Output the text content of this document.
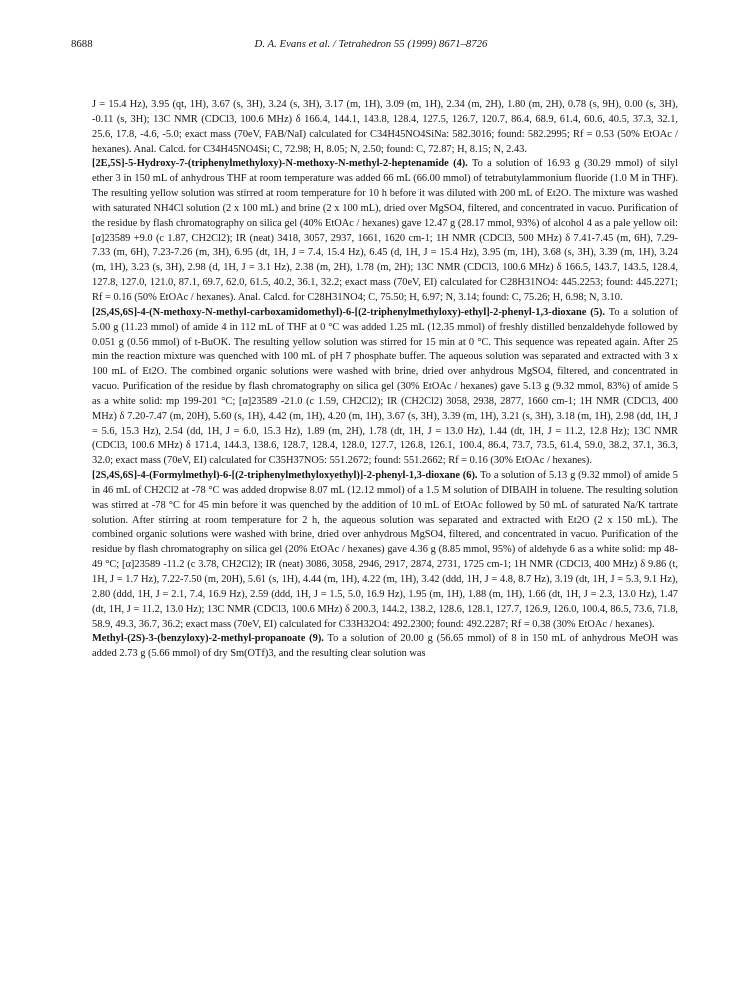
8688	D. A. Evans et al. / Tetrahedron 55 (1999) 8671–8726

J = 15.4 Hz), 3.95 (qt, 1H), 3.67 (s, 3H), 3.24 (s, 3H), 3.17 (m, 1H), 3.09 (m, 1H), 2.34 (m, 2H), 1.80 (m, 2H), 0.78 (s, 9H), 0.00 (s, 3H), -0.11 (s, 3H); 13C NMR (CDCl3, 100.6 MHz) δ 166.4, 144.1, 143.8, 128.4, 127.5, 126.7, 120.7, 86.4, 68.9, 61.4, 60.6, 40.5, 37.3, 32.1, 25.6, 17.8, -4.6, -5.0; exact mass (70eV, FAB/NaI) calculated for C34H45NO4SiNa: 582.3016; found: 582.2995; Rf = 0.53 (50% EtOAc / hexanes). Anal. Calcd. for C34H45NO4Si; C, 72.98; H, 8.05; N, 2.50; found: C, 72.87; H, 8.15; N, 2.43.

[2E,5S]-5-Hydroxy-7-(triphenylmethyloxy)-N-methoxy-N-methyl-2-heptenamide (4). To a solution of 16.93 g (30.29 mmol) of silyl ether 3 in 150 mL of anhydrous THF at room temperature was added 66 mL (66.00 mmol) of tetrabutylammonium fluoride (1.0 M in THF). The resulting yellow solution was stirred at room temperature for 10 h before it was diluted with 200 mL of Et2O. The mixture was washed with saturated NH4Cl solution (2 x 100 mL) and brine (2 x 100 mL), dried over MgSO4, filtered, and concentrated in vacuo. Purification of the residue by flash chromatography on silica gel (40% EtOAc / hexanes) gave 12.47 g (28.17 mmol, 93%) of alcohol 4 as a pale yellow oil: [α]23589 +9.0 (c 1.87, CH2Cl2); IR (neat) 3418, 3057, 2937, 1661, 1620 cm-1; 1H NMR (CDCl3, 500 MHz) δ 7.41-7.45 (m, 6H), 7.29-7.33 (m, 6H), 7.23-7.26 (m, 3H), 6.95 (dt, 1H, J = 7.4, 15.4 Hz), 6.45 (d, 1H, J = 15.4 Hz), 3.95 (m, 1H), 3.68 (s, 3H), 3.39 (m, 1H), 3.24 (m, 1H), 3.23 (s, 3H), 2.98 (d, 1H, J = 3.1 Hz), 2.38 (m, 2H), 1.78 (m, 2H); 13C NMR (CDCl3, 100.6 MHz) δ 166.5, 143.7, 143.5, 128.4, 127.8, 127.0, 121.0, 87.1, 69.7, 62.0, 61.5, 40.2, 36.1, 32.2; exact mass (70eV, EI) calculated for C28H31NO4: 445.2253; found: 445.2271; Rf = 0.16 (50% EtOAc / hexanes). Anal. Calcd. for C28H31NO4; C, 75.50; H, 6.97; N, 3.14; found: C, 75.26; H, 6.98; N, 3.10.

[2S,4S,6S]-4-(N-methoxy-N-methyl-carboxamidomethyl)-6-[(2-triphenylmethyloxy)-ethyl]-2-phenyl-1,3-dioxane (5). To a solution of 5.00 g (11.23 mmol) of amide 4 in 112 mL of THF at 0 °C was added 1.25 mL (12.35 mmol) of freshly distilled benzaldehyde followed by 0.051 g (0.56 mmol) of t-BuOK. The resulting yellow solution was stirred for 15 min at 0 °C. This sequence was repeated again. After 25 min the reaction mixture was quenched with 100 mL of pH 7 phosphate buffer. The aqueous solution was separated and extracted with 3 x 100 mL of Et2O. The combined organic solutions were washed with brine, dried over anhydrous MgSO4, filtered, and concentrated in vacuo. Purification of the residue by flash chromatography on silica gel (30% EtOAc / hexanes) gave 5.13 g (9.32 mmol, 83%) of amide 5 as a white solid: mp 199-201 °C; [α]23589 -21.0 (c 1.59, CH2Cl2); IR (CH2Cl2) 3058, 2938, 2877, 1660 cm-1; 1H NMR (CDCl3, 400 MHz) δ 7.20-7.47 (m, 20H), 5.60 (s, 1H), 4.42 (m, 1H), 4.20 (m, 1H), 3.67 (s, 3H), 3.39 (m, 1H), 3.21 (s, 3H), 3.18 (m, 1H), 2.98 (dd, 1H, J = 5.6, 15.3 Hz), 2.54 (dd, 1H, J = 6.0, 15.3 Hz), 1.89 (m, 2H), 1.78 (dt, 1H, J = 13.0 Hz), 1.44 (dt, 1H, J = 11.2, 12.8 Hz); 13C NMR (CDCl3, 100.6 MHz) δ 171.4, 144.3, 138.6, 128.7, 128.4, 128.0, 127.7, 126.8, 126.1, 100.4, 86.4, 73.7, 73.5, 61.4, 59.0, 38.2, 37.1, 36.3, 32.0; exact mass (70eV, EI) calculated for C35H37NO5: 551.2672; found: 551.2662; Rf = 0.16 (30% EtOAc / hexanes).

[2S,4S,6S]-4-(Formylmethyl)-6-[(2-triphenylmethyloxyethyl)]-2-phenyl-1,3-dioxane (6). To a solution of 5.13 g (9.32 mmol) of amide 5 in 46 mL of CH2Cl2 at -78 °C was added dropwise 8.07 mL (12.12 mmol) of a 1.5 M solution of DIBAlH in toluene. The resulting solution was stirred at -78 °C for 45 min before it was quenched by the addition of 10 mL of EtOAc followed by 50 mL of saturated Na/K tartrate solution. After stirring at room temperature for 2 h, the aqueous solution was separated and extracted with Et2O (2 x 150 mL). The combined organic solutions were washed with brine, dried over anhydrous MgSO4, filtered, and concentrated in vacuo. Purification of the residue by flash chromatography on silica gel (20% EtOAc / hexanes) gave 4.36 g (8.85 mmol, 95%) of aldehyde 6 as a white solid: mp 48-49 °C; [α]23589 -11.2 (c 3.78, CH2Cl2); IR (neat) 3086, 3058, 2946, 2917, 2874, 2731, 1725 cm-1; 1H NMR (CDCl3, 400 MHz) δ 9.86 (t, 1H, J = 1.7 Hz), 7.22-7.50 (m, 20H), 5.61 (s, 1H), 4.44 (m, 1H), 4.22 (m, 1H), 3.42 (ddd, 1H, J = 4.8, 8.7 Hz), 3.19 (dt, 1H, J = 5.3, 9.1 Hz), 2.80 (ddd, 1H, J = 2.1, 7.4, 16.9 Hz), 2.59 (ddd, 1H, J = 1.5, 5.0, 16.9 Hz), 1.95 (m, 1H), 1.88 (m, 1H), 1.66 (dt, 1H, J = 2.3, 13.0 Hz), 1.47 (dt, 1H, J = 11.2, 13.0 Hz); 13C NMR (CDCl3, 100.6 MHz) δ 200.3, 144.2, 138.2, 128.6, 128.1, 127.7, 126.9, 126.0, 100.4, 86.5, 73.6, 71.8, 58.9, 49.3, 36.7, 36.2; exact mass (70eV, EI) calculated for C33H32O4: 492.2300; found: 492.2287; Rf = 0.38 (30% EtOAc / hexanes).

Methyl-(2S)-3-(benzyloxy)-2-methyl-propanoate (9). To a solution of 20.00 g (56.65 mmol) of 8 in 150 mL of anhydrous MeOH was added 2.73 g (5.66 mmol) of dry Sm(OTf)3, and the resulting clear solution was
